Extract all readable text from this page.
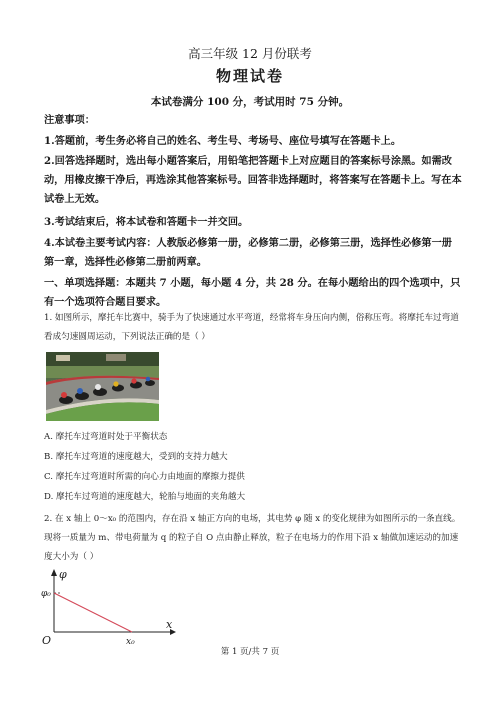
高三年级 12 月份联考
物理试卷
本试卷满分 100 分，考试用时 75 分钟。
注意事项：
1.答题前，考生务必将自己的姓名、考生号、考场号、座位号填写在答题卡上。
2.回答选择题时，选出每小题答案后，用铅笔把答题卡上对应题目的答案标号涂黑。如需改动，用橡皮擦干净后，再选涂其他答案标号。回答非选择题时，将答案写在答题卡上。写在本试卷上无效。
3.考试结束后，将本试卷和答题卡一并交回。
4.本试卷主要考试内容：人教版必修第一册，必修第二册，必修第三册，选择性必修第一册第一章，选择性必修第二册前两章。
一、单项选择题：本题共 7 小题，每小题 4 分，共 28 分。在每小题给出的四个选项中，只有一个选项符合题目要求。
1. 如图所示，摩托车比赛中，骑手为了快速通过水平弯道，经常将车身压向内侧，俗称压弯。将摩托车过弯道看成匀速圆周运动，下列说法正确的是（ ）
A. 摩托车过弯道时处于平衡状态
B. 摩托车过弯道的速度越大，受到的支持力越大
C. 摩托车过弯道时所需的向心力由地面的摩擦力提供
D. 摩托车过弯道的速度越大，轮胎与地面的夹角越大
2. 在 x 轴上 0～x₀ 的范围内，存在沿 x 轴正方向的电场，其电势 φ 随 x 的变化规律为如图所示的一条直线。现将一质量为 m、带电荷量为 q 的粒子自 O 点由静止释放，粒子在电场力的作用下沿 x 轴做加速运动的加速度大小为（ ）
φ
x
O
φ₀
x₀
第 1 页/共 7 页
